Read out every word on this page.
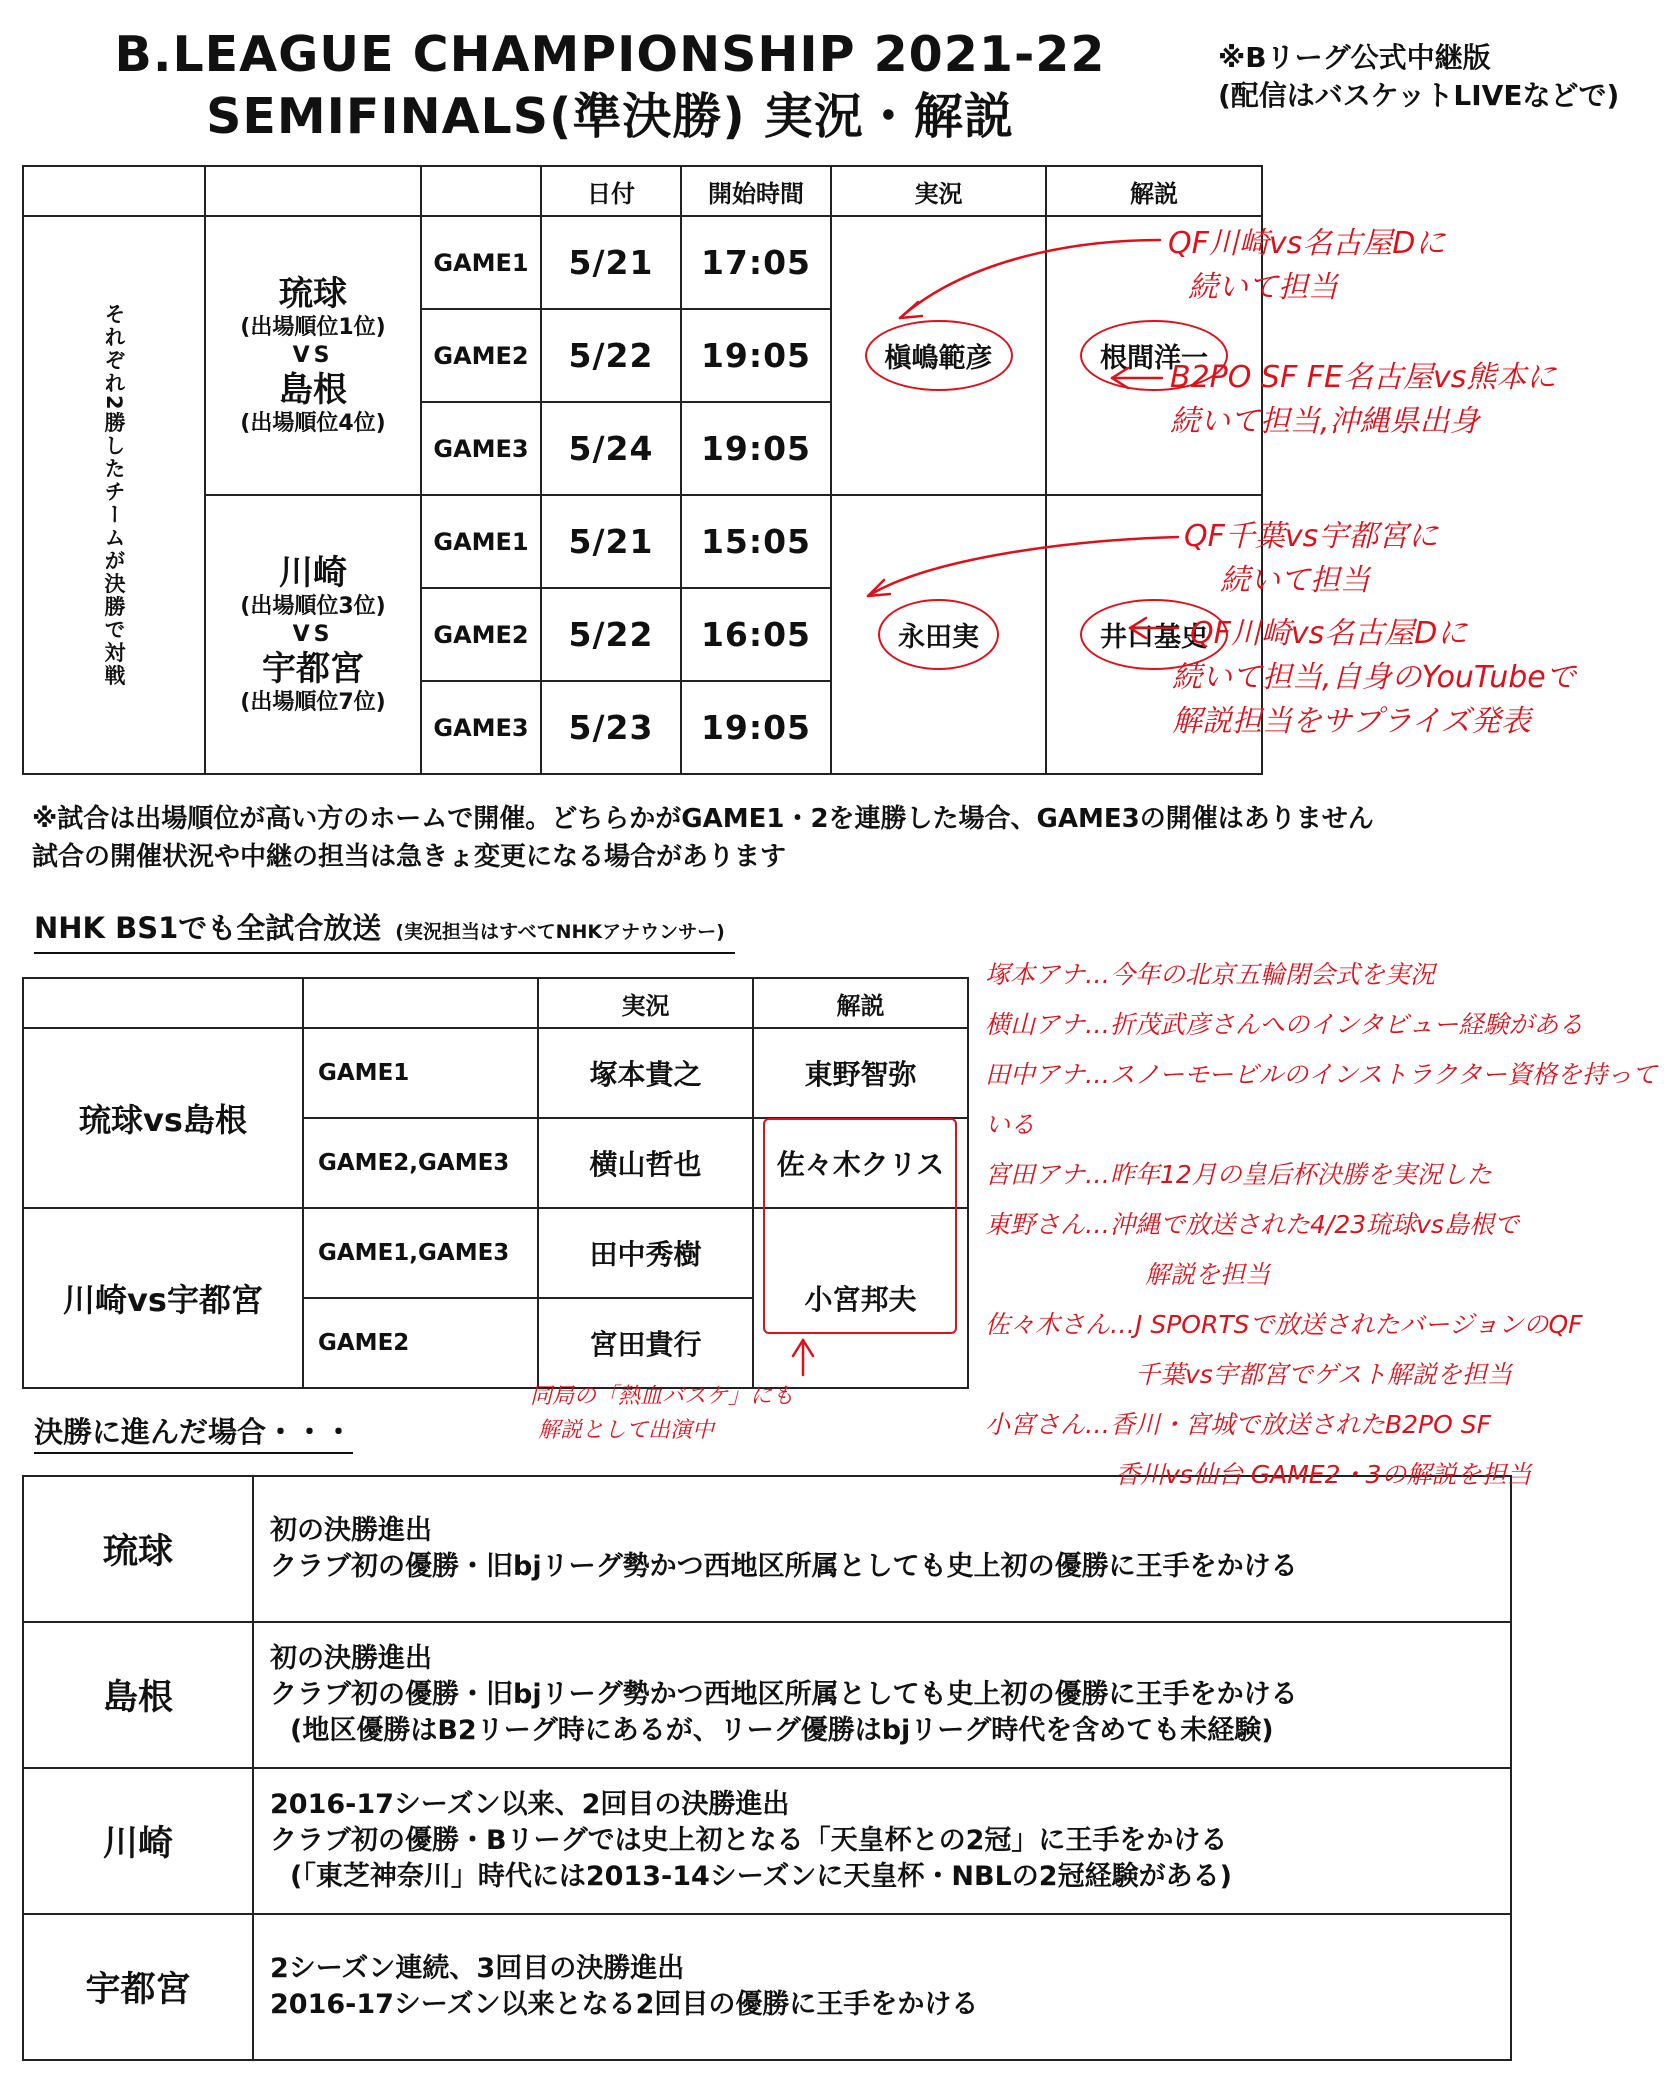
B.LEAGUE CHAMPIONSHIP 2021-22
SEMIFINALS(準決勝) 実況・解説
※Bリーグ公式中継版
(配信はバスケットLIVEなどで)
			日付	開始時間	実況	解説

それぞれ2勝したチームが決勝で対戦	琉球
(出場順位1位)
VS
島根
(出場順位4位)	GAME1	5/21	17:05	槇嶋範彦	根間洋一
		GAME2	5/22	19:05		
		GAME3	5/24	19:05		

	川崎
(出場順位3位)
VS
宇都宮
(出場順位7位)	GAME1	5/21	15:05	永田実	井口基史
		GAME2	5/22	16:05		
		GAME3	5/23	19:05		
※試合は出場順位が高い方のホームで開催。どちらかがGAME1・2を連勝した場合、GAME3の開催はありません
試合の開催状況や中継の担当は急きょ変更になる場合があります
NHK BS1でも全試合放送 (実況担当はすべてNHKアナウンサー)
		実況	解説
琉球vs島根	GAME1	塚本貴之	東野智弥
	GAME2,GAME3	横山哲也	佐々木クリス
川崎vs宇都宮	GAME1,GAME3	田中秀樹	小宮邦夫
	GAME2	宮田貴行	
決勝に進んだ場合・・・
琉球	初の決勝進出
クラブ初の優勝・旧bjリーグ勢かつ西地区所属としても史上初の優勝に王手をかける

島根	初の決勝進出
クラブ初の優勝・旧bjリーグ勢かつ西地区所属としても史上初の優勝に王手をかける
(地区優勝はB2リーグ時にあるが、リーグ優勝はbjリーグ時代を含めても未経験)

川崎	2016-17シーズン以来、2回目の決勝進出
クラブ初の優勝・Bリーグでは史上初となる「天皇杯との2冠」に王手をかける
(「東芝神奈川」時代には2013-14シーズンに天皇杯・NBLの2冠経験がある)

宇都宮	2シーズン連続、3回目の決勝進出
2016-17シーズン以来となる2回目の優勝に王手をかける
QF川崎vs名古屋Dに
続いて担当
B2PO SF FE名古屋vs熊本に
続いて担当,沖縄県出身
QF千葉vs宇都宮に
続いて担当
QF川崎vs名古屋Dに
続いて担当,自身のYouTubeで
解説担当をサプライズ発表
塚本アナ…今年の北京五輪閉会式を実況
横山アナ…折茂武彦さんへのインタビュー経験がある
田中アナ…スノーモービルのインストラクター資格を持っている
宮田アナ…昨年12月の皇后杯決勝を実況した
東野さん…沖縄で放送された4/23琉球vs島根で
解説を担当
佐々木さん…J SPORTSで放送されたバージョンのQF
千葉vs宇都宮でゲスト解説を担当
小宮さん…香川・宮城で放送されたB2PO SF
香川vs仙台 GAME2・3の解説を担当
同局の「熱血バスケ」にも
解説として出演中
